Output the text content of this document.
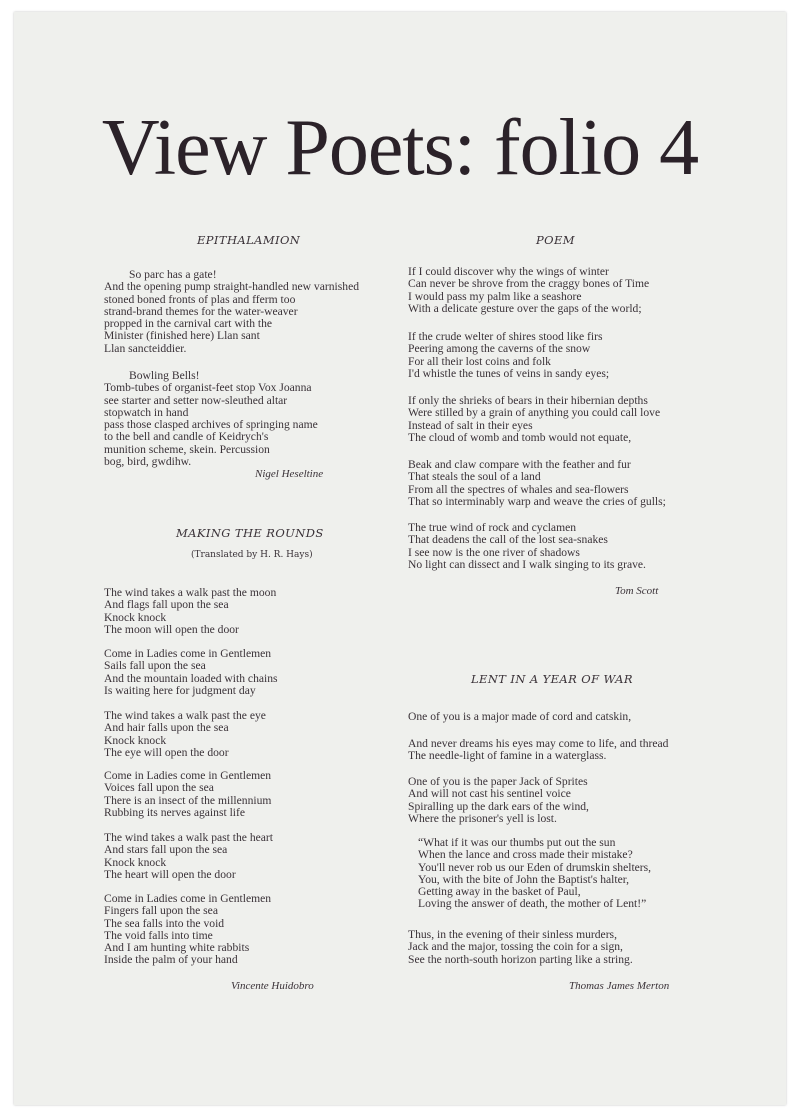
View Poets: folio 4
EPITHALAMION
So parc has a gate!
And the opening pump straight-handled new varnished
stoned boned fronts of plas and fferm too
strand-brand themes for the water-weaver
propped in the carnival cart with the
Minister (finished here) Llan sant
Llan sancteiddier.
Bowling Bells!
Tomb-tubes of organist-feet stop Vox Joanna
see starter and setter now-sleuthed altar
stopwatch in hand
pass those clasped archives of springing name
to the bell and candle of Keidrych's
munition scheme, skein. Percussion
bog, bird, gwdihw.
Nigel Heseltine
MAKING THE ROUNDS
(Translated by H. R. Hays)
The wind takes a walk past the moon
And flags fall upon the sea
Knock knock
The moon will open the door
Come in Ladies come in Gentlemen
Sails fall upon the sea
And the mountain loaded with chains
Is waiting here for judgment day
The wind takes a walk past the eye
And hair falls upon the sea
Knock knock
The eye will open the door
Come in Ladies come in Gentlemen
Voices fall upon the sea
There is an insect of the millennium
Rubbing its nerves against life
The wind takes a walk past the heart
And stars fall upon the sea
Knock knock
The heart will open the door
Come in Ladies come in Gentlemen
Fingers fall upon the sea
The sea falls into the void
The void falls into time
And I am hunting white rabbits
Inside the palm of your hand
Vincente Huidobro
POEM
If I could discover why the wings of winter
Can never be shrove from the craggy bones of Time
I would pass my palm like a seashore
With a delicate gesture over the gaps of the world;
If the crude welter of shires stood like firs
Peering among the caverns of the snow
For all their lost coins and folk
I'd whistle the tunes of veins in sandy eyes;
If only the shrieks of bears in their hibernian depths
Were stilled by a grain of anything you could call love
Instead of salt in their eyes
The cloud of womb and tomb would not equate,
Beak and claw compare with the feather and fur
That steals the soul of a land
From all the spectres of whales and sea-flowers
That so interminably warp and weave the cries of gulls;
The true wind of rock and cyclamen
That deadens the call of the lost sea-snakes
I see now is the one river of shadows
No light can dissect and I walk singing to its grave.
Tom Scott
LENT IN A YEAR OF WAR
One of you is a major made of cord and catskin,
And never dreams his eyes may come to life, and thread
The needle-light of famine in a waterglass.
One of you is the paper Jack of Sprites
And will not cast his sentinel voice
Spiralling up the dark ears of the wind,
Where the prisoner's yell is lost.
“What if it was our thumbs put out the sun
When the lance and cross made their mistake?
You'll never rob us our Eden of drumskin shelters,
You, with the bite of John the Baptist's halter,
Getting away in the basket of Paul,
Loving the answer of death, the mother of Lent!”
Thus, in the evening of their sinless murders,
Jack and the major, tossing the coin for a sign,
See the north-south horizon parting like a string.
Thomas James Merton
